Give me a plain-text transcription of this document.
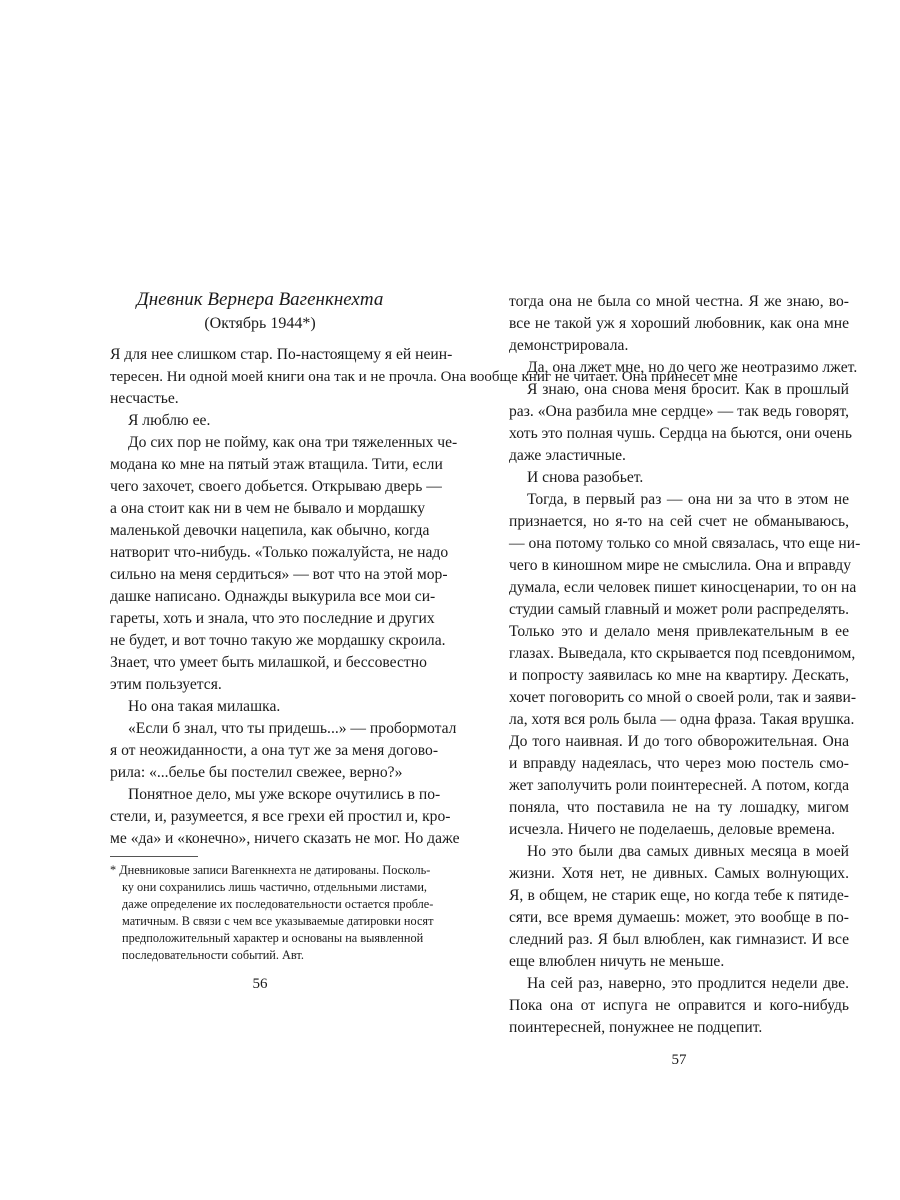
Дневник Вернера Вагенкнехта
(Октябрь 1944*)
Я для нее слишком стар. По-настоящему я ей неин-
тересен. Ни одной моей книги она так и не прочла. Она вообще книг не читает. Она принесет мне
несчастье.
Я люблю ее.
До сих пор не пойму, как она три тяжеленных че-
модана ко мне на пятый этаж втащила. Тити, если
чего захочет, своего добьется. Открываю дверь —
а она стоит как ни в чем не бывало и мордашку
маленькой девочки нацепила, как обычно, когда
натворит что-нибудь. «Только пожалуйста, не надо
сильно на меня сердиться» — вот что на этой мор-
дашке написано. Однажды выкурила все мои си-
гареты, хоть и знала, что это последние и других
не будет, и вот точно такую же мордашку скроила.
Знает, что умеет быть милашкой, и бессовестно
этим пользуется.
Но она такая милашка.
«Если б знал, что ты придешь...» — пробормотал
я от неожиданности, а она тут же за меня догово-
рила: «...белье бы постелил свежее, верно?»
Понятное дело, мы уже вскоре очутились в по-
стели, и, разумеется, я все грехи ей простил и, кро-
ме «да» и «конечно», ничего сказать не мог. Но даже
* Дневниковые записи Вагенкнехта не датированы. Посколь-
ку они сохранились лишь частично, отдельными листами,
даже определение их последовательности остается пробле-
матичным. В связи с чем все указываемые датировки носят
предположительный характер и основаны на выявленной
последовательности событий. Авт.
56
тогда она не была со мной честна. Я же знаю, во-
все не такой уж я хороший любовник, как она мне
демонстрировала.
Да, она лжет мне, но до чего же неотразимо лжет.
Я знаю, она снова меня бросит. Как в прошлый
раз. «Она разбила мне сердце» — так ведь говорят,
хоть это полная чушь. Сердца на бьются, они очень
даже эластичные.
И снова разобьет.
Тогда, в первый раз — она ни за что в этом не
признается, но я-то на сей счет не обманываюсь,
— она потому только со мной связалась, что еще ни-
чего в киношном мире не смыслила. Она и вправду
думала, если человек пишет киносценарии, то он на
студии самый главный и может роли распределять.
Только это и делало меня привлекательным в ее
глазах. Выведала, кто скрывается под псевдонимом,
и попросту заявилась ко мне на квартиру. Дескать,
хочет поговорить со мной о своей роли, так и заяви-
ла, хотя вся роль была — одна фраза. Такая врушка.
До того наивная. И до того обворожительная. Она
и вправду надеялась, что через мою постель смо-
жет заполучить роли поинтересней. А потом, когда
поняла, что поставила не на ту лошадку, мигом
исчезла. Ничего не поделаешь, деловые времена.
Но это были два самых дивных месяца в моей
жизни. Хотя нет, не дивных. Самых волнующих.
Я, в общем, не старик еще, но когда тебе к пятиде-
сяти, все время думаешь: может, это вообще в по-
следний раз. Я был влюблен, как гимназист. И все
еще влюблен ничуть не меньше.
На сей раз, наверно, это продлится недели две.
Пока она от испуга не оправится и кого-нибудь
поинтересней, понужнее не подцепит.
57
